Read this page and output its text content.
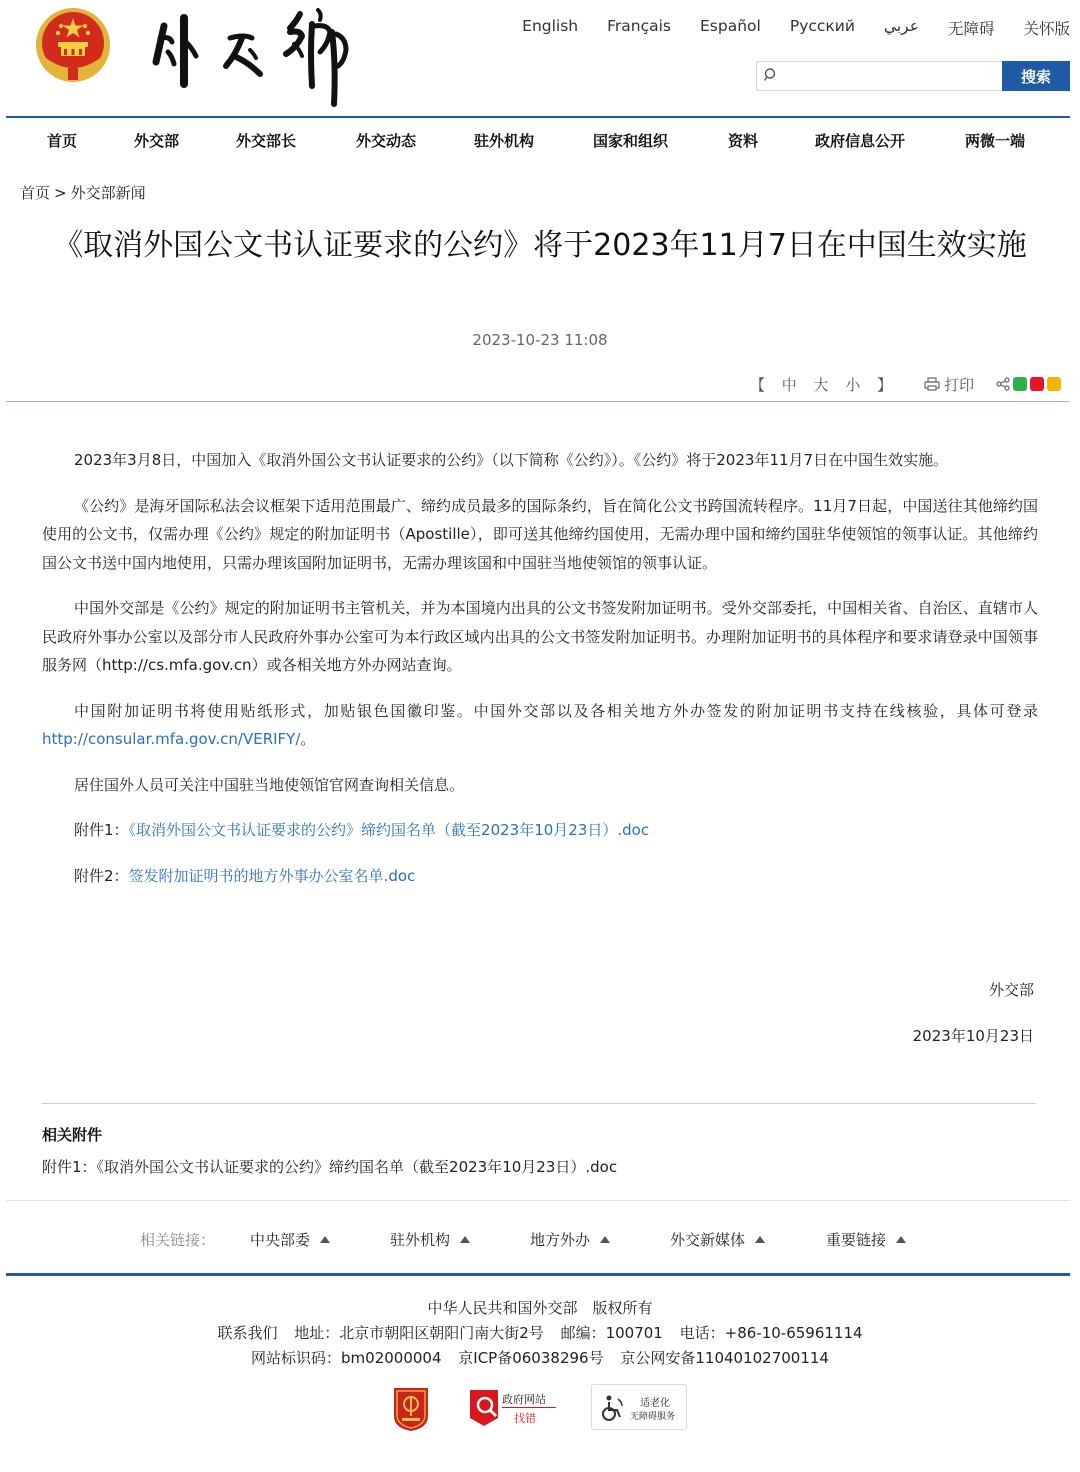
English Français Español Русский عربي 无障碍 关怀版
搜索
首页	外交部	外交部长	外交动态	驻外机构	国家和组织	资料	政府信息公开	两微一端
首页 > 外交部新闻
《取消外国公文书认证要求的公约》将于2023年11月7日在中国生效实施
2023-10-23 11:08
【 中 大 小 】	打印

2023年3月8日，中国加入《取消外国公文书认证要求的公约》（以下简称《公约》）。《公约》将于2023年11月7日在中国生效实施。

《公约》是海牙国际私法会议框架下适用范围最广、缔约成员最多的国际条约，旨在简化公文书跨国流转程序。11月7日起，中国送往其他缔约国使用的公文书，仅需办理《公约》规定的附加证明书（Apostille），即可送其他缔约国使用，无需办理中国和缔约国驻华使领馆的领事认证。其他缔约国公文书送中国内地使用，只需办理该国附加证明书，无需办理该国和中国驻当地使领馆的领事认证。

中国外交部是《公约》规定的附加证明书主管机关，并为本国境内出具的公文书签发附加证明书。受外交部委托，中国相关省、自治区、直辖市人民政府外事办公室以及部分市人民政府外事办公室可为本行政区域内出具的公文书签发附加证明书。办理附加证明书的具体程序和要求请登录中国领事服务网（http://cs.mfa.gov.cn）或各相关地方外办网站查询。

中国附加证明书将使用贴纸形式，加贴银色国徽印鉴。中国外交部以及各相关地方外办签发的附加证明书支持在线核验，具体可登录http://consular.mfa.gov.cn/VERIFY/。

居住国外人员可关注中国驻当地使领馆官网查询相关信息。

附件1：《取消外国公文书认证要求的公约》缔约国名单（截至2023年10月23日）.doc

附件2：签发附加证明书的地方外事办公室名单.doc

外交部
2023年10月23日
相关附件
附件1：《取消外国公文书认证要求的公约》缔约国名单（截至2023年10月23日）.doc
相关链接： 中央部委	驻外机构	地方外办	外交新媒体	重要链接
中华人民共和国外交部　版权所有
联系我们 地址：北京市朝阳区朝阳门南大街2号 邮编：100701 电话：+86-10-65961114
网站标识码：bm02000004 京ICP备06038296号 京公网安备11040102700114
政府网站
找错
适老化
无障碍服务
